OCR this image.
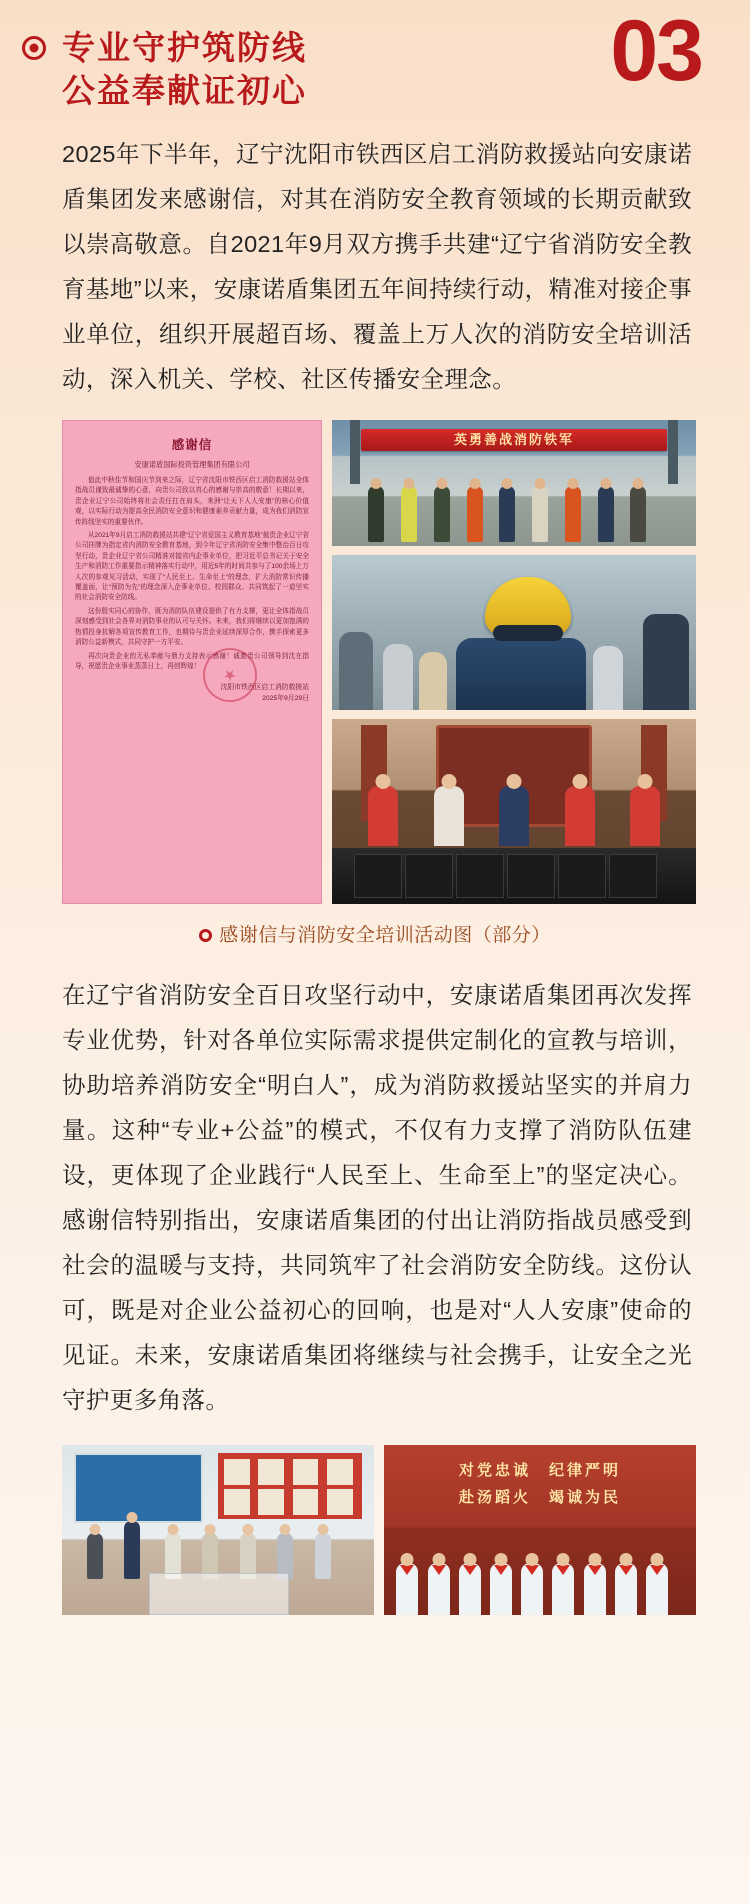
专业守护筑防线
公益奉献证初心	03
2025年下半年，辽宁沈阳市铁西区启工消防救援站向安康诺盾集团发来感谢信，对其在消防安全教育领域的长期贡献致以崇高敬意。自2021年9月双方携手共建“辽宁省消防安全教育基地”以来，安康诺盾集团五年间持续行动，精准对接企事业单位，组织开展超百场、覆盖上万人次的消防安全培训活动，深入机关、学校、社区传播安全理念。
感谢信
安康诺盾国际投资管理集团有限公司

值此中秋佳节和国庆节到来之际，辽宁省沈阳市铁西区启工消防救援站全体指战员谨致最诚挚的心意，向贵公司致以真心的感谢与崇高的敬意！长期以来，贵企业辽宁公司始终将社会责任扛在肩头，来洲“让天下人人安康”的核心价值观，以实际行动为提高全民消防安全意识和健康素养贡献力量，成为我们消防宣传阵线坚实的重要伙伴。

从2021年9月启工消防救援站共建“辽宁省爱国主义教育基地”披贵企业辽宁省公司挂牌为指定省内消防安全教育基地，到今年辽宁省消防安全集中整治百日攻坚行动，贵企业辽宁省公司精准对接省内企事业单位，把习近平总书记关于安全生产和消防工作重要指示精神落实行动中，用近5年的时间共参与了100余场上万人次的参观见习活动，实现了“人民至上、生命至上”的理念，扩大消防常识传播覆盖面，让“预防为先”的理念深入企事业单位、校园群众、共同筑起了一道坚实的社会消防安全防线。

这份殷实同心的协作，既为消防队伍建设提供了有力支撑，更让全体指战员深刻感受到社会各界对消防事业的认可与关怀。未来，我们将继续以更加饱满的热情投身抗解各项宣传教育工作，也期待与贵企业延续深厚合作，携手探索更多消防公益新模式，共同守护一方平安。

再次向贵企业的无私奉献与鼎力支持表示感谢！诚邀贵公司领导到沈在指导，祝愿贵企业事业蒸蒸日上，再创辉煌！

沈阳市铁西区启工消防救援站
2025年9月29日
英勇善战消防铁军
感谢信与消防安全培训活动图（部分）
在辽宁省消防安全百日攻坚行动中，安康诺盾集团再次发挥专业优势，针对各单位实际需求提供定制化的宣教与培训，协助培养消防安全“明白人”，成为消防救援站坚实的并肩力量。这种“专业+公益”的模式，不仅有力支撑了消防队伍建设，更体现了企业践行“人民至上、生命至上”的坚定决心。感谢信特别指出，安康诺盾集团的付出让消防指战员感受到社会的温暖与支持，共同筑牢了社会消防安全防线。这份认可，既是对企业公益初心的回响，也是对“人人安康”使命的见证。未来，安康诺盾集团将继续与社会携手，让安全之光守护更多角落。
对党忠诚　纪律严明
赴汤蹈火　竭诚为民
